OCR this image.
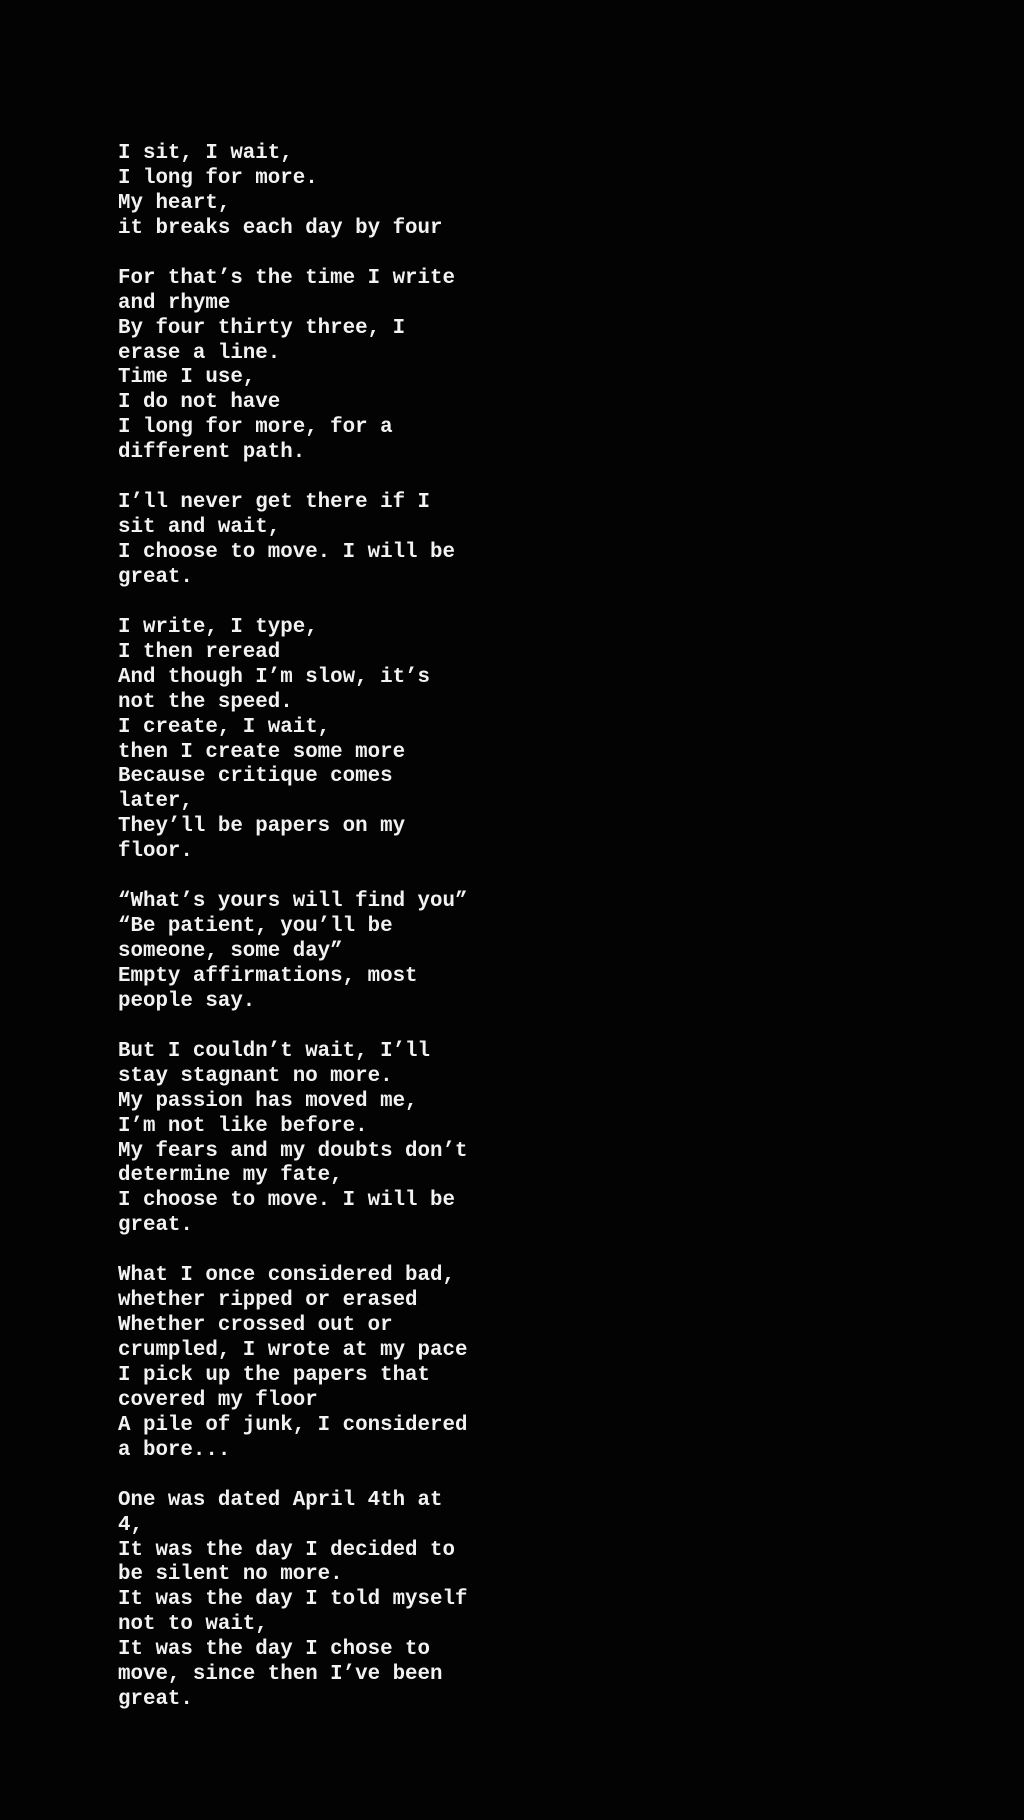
I sit, I wait,
I long for more.
My heart,
it breaks each day by four
For that’s the time I write
and rhyme
By four thirty three, I
erase a line.
Time I use,
I do not have
I long for more, for a
different path.
I’ll never get there if I
sit and wait,
I choose to move. I will be
great.
I write, I type,
I then reread
And though I’m slow, it’s
not the speed.
I create, I wait,
then I create some more
Because critique comes
later,
They’ll be papers on my
floor.
“What’s yours will find you”
“Be patient, you’ll be
someone, some day”
Empty affirmations, most
people say.
But I couldn’t wait, I’ll
stay stagnant no more.
My passion has moved me,
I’m not like before.
My fears and my doubts don’t
determine my fate,
I choose to move. I will be
great.
What I once considered bad,
whether ripped or erased
Whether crossed out or
crumpled, I wrote at my pace
I pick up the papers that
covered my floor
A pile of junk, I considered
a bore...
One was dated April 4th at
4,
It was the day I decided to
be silent no more.
It was the day I told myself
not to wait,
It was the day I chose to
move, since then I’ve been
great.
